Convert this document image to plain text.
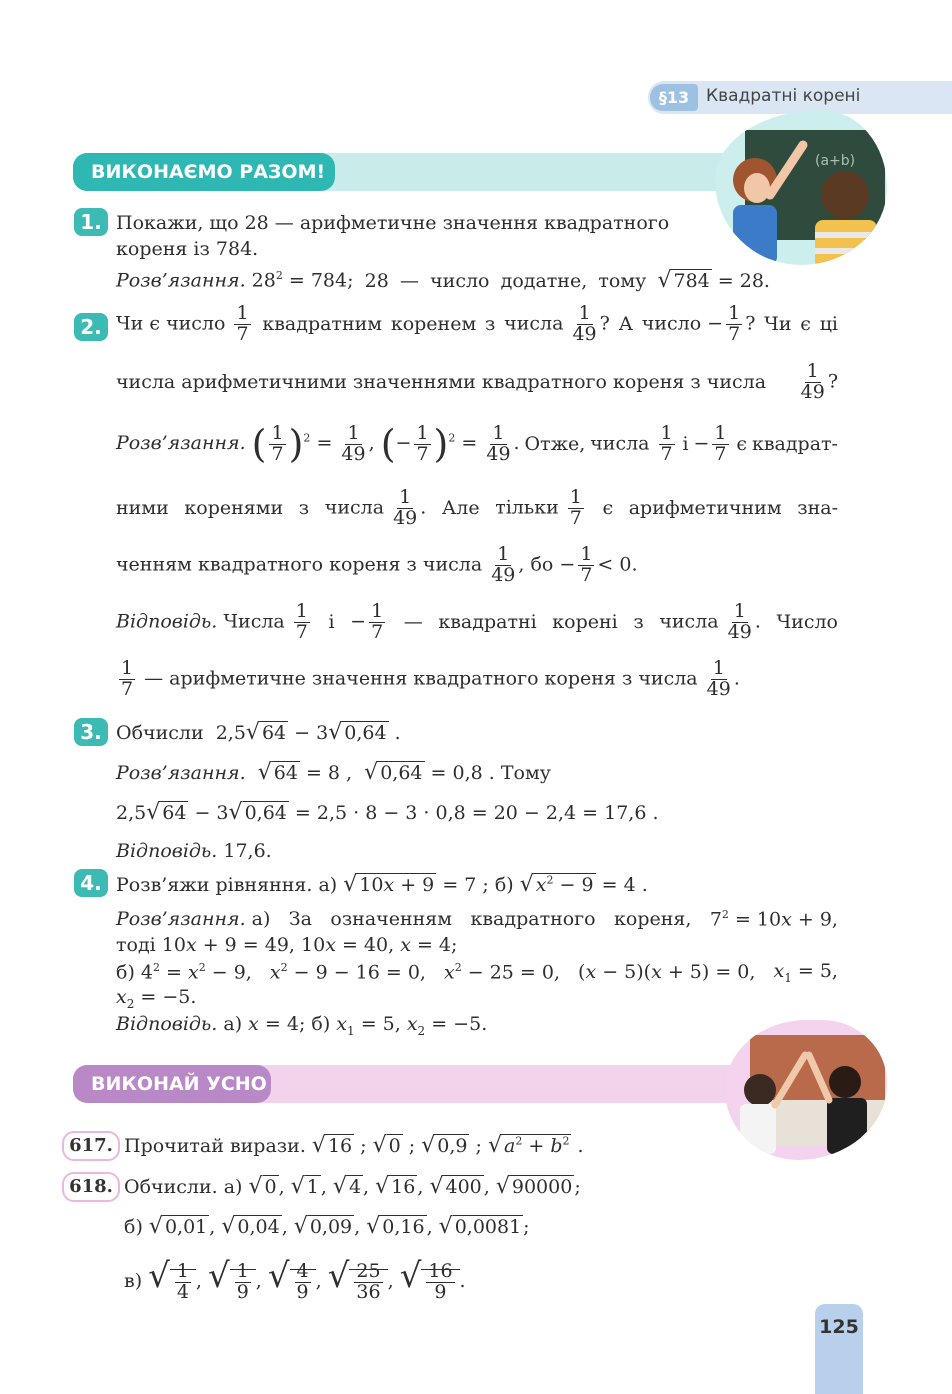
§13 Квадратні корені
ВИКОНАЄМО РАЗОМ!	(a+b)
1. Покажи, що 28 — арифметичне значення квадратного
кореня із 784.
Розв’язання. $28^2 = 784$; 28 — число додатне, тому √ 784 = 28.
2. Чи є число $\frac{1}{7}$ квадратним коренем з числа $\frac{1}{49}$ ? А число − $\frac{1}{7}$ ? Чи є ці
числа арифметичними значеннями квадратного кореня з числа $\frac{1}{49}$ ?
Розв’язання. ( $\frac{1}{7} )^2 = \frac{1}{49}$ , (− $\frac{1}{7} )^2 = \frac{1}{49}$ . Отже, числа $\frac{1}{7}$ $і - \frac{1}{7}$ є квадрат-
ними коренями з числа $\frac{1}{49}$ . Але тільки $\frac{1}{7}$ є арифметичним зна-
ченням квадратного кореня з числа $\frac{1}{49}$ , бо − $\frac{1}{7} < 0$.
Відповідь. Числа $\frac{1}{7}$ $і - \frac{1}{7}$ — квадратні корені з числа $\frac{1}{49}$ . Число
$\frac{1}{7}$ — арифметичне значення квадратного кореня з числа $\frac{1}{49}$ .
3. Обчисли  2,5√ 64 − 3√ 0,64 .
Розв’язання. √ 64 = 8 ,  √ 0,64 = 0,8 . Тому
2,5√ 64 − 3√ 0,64 = 2,5 · 8 − 3 · 0,8 = 20 − 2,4 = 17,6 .
Відповідь. 17,6.
4. Розв’яжи рівняння. а) √ 10x + 9 = 7 ; б) √ $x^2 - 9 = 4$ .
Розв’язання. а) За означенням квадратного кореня, $7^2 = 10x + 9$,
тоді 10x + 9 = 49, 10x = 40, x = 4;
б) $4^2 = x^2 - 9$, $x^2 - 9 - 16 = 0$, $x^2 - 25 = 0$, (x − 5)(x + 5) = 0, $x_1 = 5$,
$x_2 = -5$.
Відповідь. а) x = 4; б) $x_1 = 5$, $x_2 = -5$.
ВИКОНАЙ УСНО
617. Прочитай вирази. √ 16 ; √ 0 ; √ 0,9 ; √ $a^2 + b^2$ .
618. Обчисли. а) √ 0 , √ 1 , √ 4 , √ 16 , √ 400 , √ 90000 ;
б) √ 0,01 , √ 0,04 , √ 0,09 , √ 0,16 , √ 0,0081 ;
в) √ $\frac{1}{4}$ , √ $\frac{1}{9}$ , √ $\frac{4}{9}$ , √ $\frac{25}{36}$ , √ $\frac{16}{9}$ .
125
